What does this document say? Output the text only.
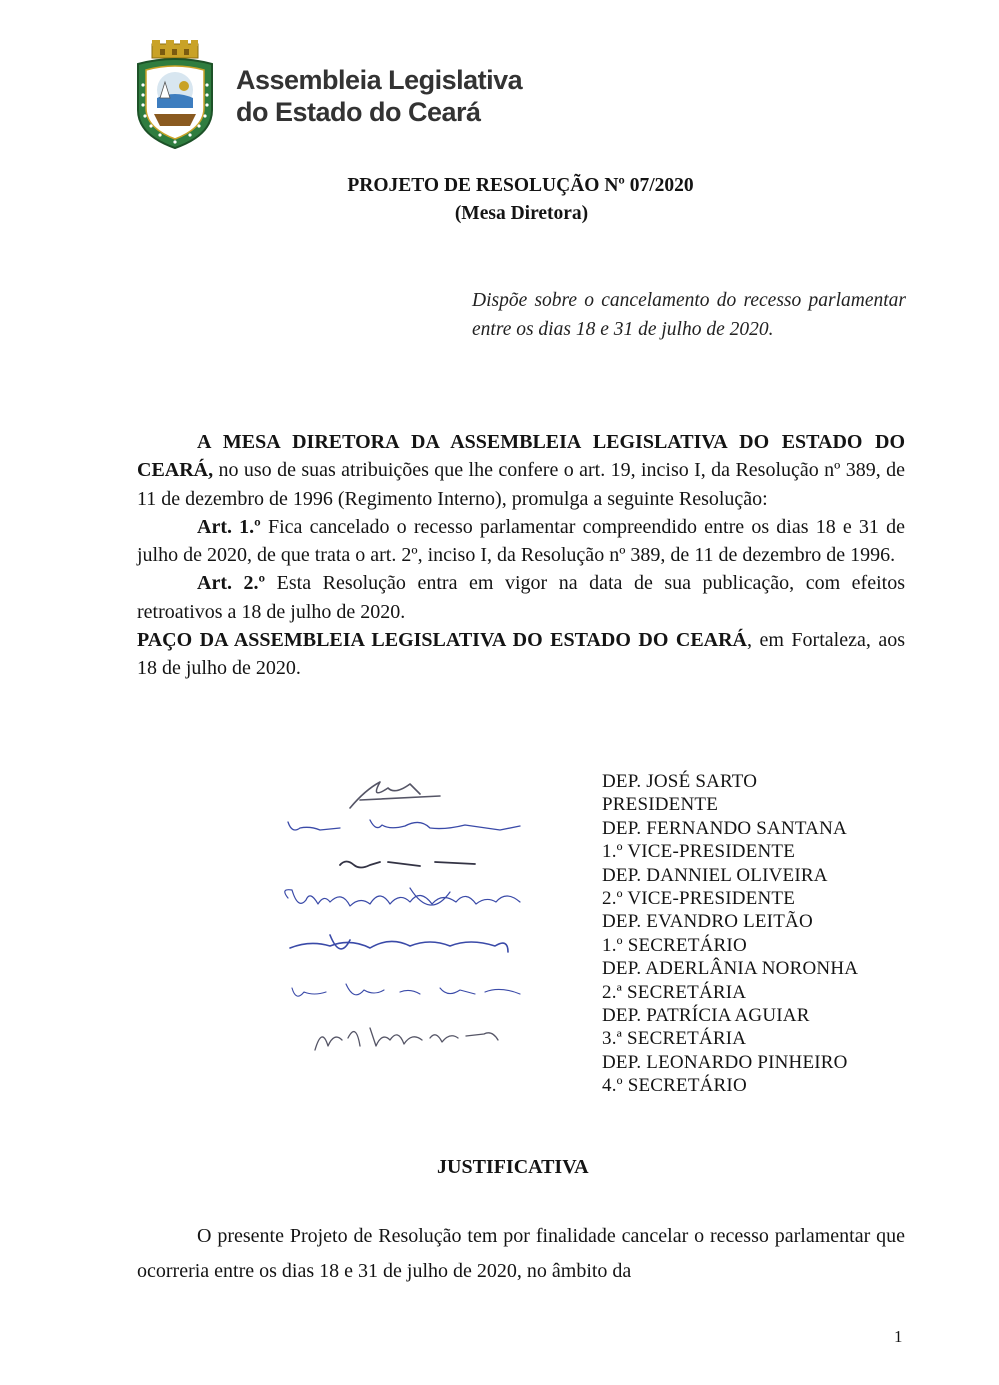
Assembleia Legislativa
do Estado do Ceará
PROJETO DE RESOLUÇÃO Nº 07/2020
(Mesa Diretora)
Dispõe sobre o cancelamento do recesso parlamentar entre os dias 18 e 31 de julho de 2020.

A MESA DIRETORA DA ASSEMBLEIA LEGISLATIVA DO ESTADO DO CEARÁ, no uso de suas atribuições que lhe confere o art. 19, inciso I, da Resolução nº 389, de 11 de dezembro de 1996 (Regimento Interno), promulga a seguinte Resolução:

Art. 1.º Fica cancelado o recesso parlamentar compreendido entre os dias 18 e 31 de julho de 2020, de que trata o art. 2º, inciso I, da Resolução nº 389, de 11 de dezembro de 1996.

Art. 2.º Esta Resolução entra em vigor na data de sua publicação, com efeitos retroativos a 18 de julho de 2020.

PAÇO DA ASSEMBLEIA LEGISLATIVA DO ESTADO DO CEARÁ, em Fortaleza, aos 18 de julho de 2020.

DEP. JOSÉ SARTO
PRESIDENTE
DEP. FERNANDO SANTANA
1.º VICE-PRESIDENTE
DEP. DANNIEL OLIVEIRA
2.º VICE-PRESIDENTE
DEP. EVANDRO LEITÃO
1.º SECRETÁRIO
DEP. ADERLÂNIA NORONHA
2.ª SECRETÁRIA
DEP. PATRÍCIA AGUIAR
3.ª SECRETÁRIA
DEP. LEONARDO PINHEIRO
4.º SECRETÁRIO
JUSTIFICATIVA

O presente Projeto de Resolução tem por finalidade cancelar o recesso parlamentar que ocorreria entre os dias 18 e 31 de julho de 2020, no âmbito da

1
